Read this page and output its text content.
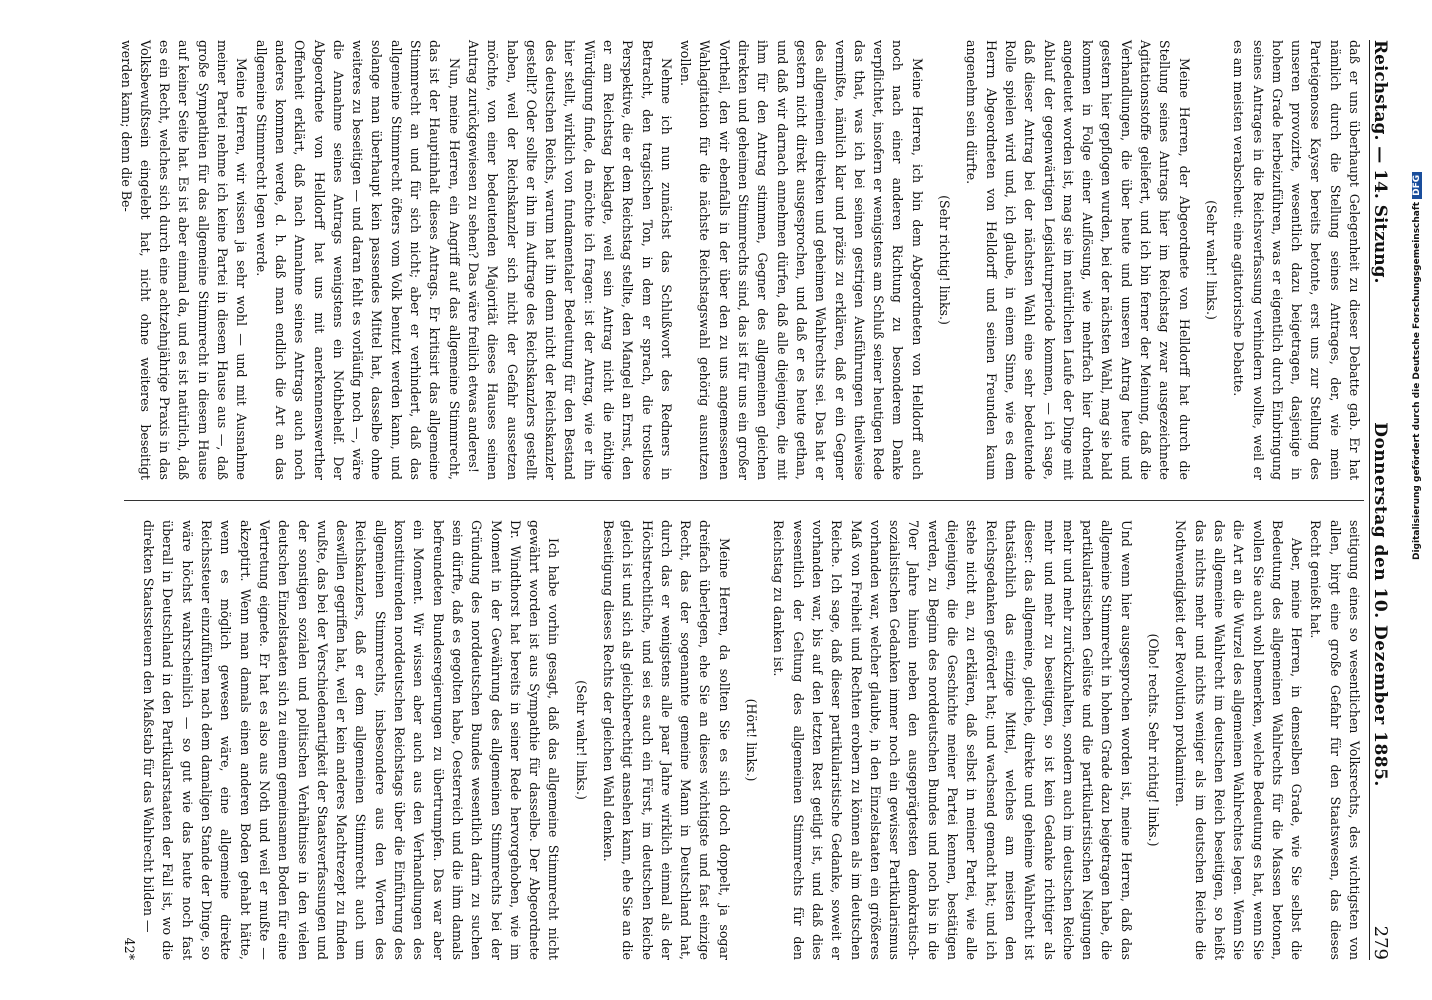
Reichstag. — 14. Sitzung.
Donnerstag den 10. Dezember 1885.
279

daß er uns überhaupt Gelegenheit zu dieser Debatte gab. Er hat nämlich durch die Stellung seines Antrages, der, wie mein Parteigenosse Kayser bereits betonte, erst uns zur Stellung des unseren provozirte, wesentlich dazu beigetragen, dasjenige in hohem Grade herbeizuführen, was er eigentlich durch Einbringung seines Antrages in die Reichsverfassung verhindern wollte, weil er es am meisten verabscheut: eine agitatorische Debatte.

(Sehr wahr! links.)

Meine Herren, der Abgeordnete von Helldorff hat durch die Stellung seines Antrags hier im Reichstag zwar ausgezeichnete Agitationsstoffe geliefert, und ich bin ferner der Meinung, daß die Verhandlungen, die über heute und unseren Antrag heute und gestern hier gepflogen wurden, bei der nächsten Wahl, mag sie bald kommen in Folge einer Auflösung, wie mehrfach hier drohend angedeutet worden ist, mag sie im natürlichen Laufe der Dinge mit Ablauf der gegenwärtigen Legislaturperiode kommen, — ich sage, daß dieser Antrag bei der nächsten Wahl eine sehr bedeutende Rolle spielen wird und, ich glaube, in einem Sinne, wie es dem Herrn Abgeordneten von Helldorff und seinen Freunden kaum angenehm sein dürfte.

(Sehr richtig! links.)

Meine Herren, ich bin dem Abgeordneten von Helldorff auch noch nach einer anderen Richtung zu besonderem Danke verpflichtet, insofern er wenigstens am Schluß seiner heutigen Rede das that, was ich bei seinen gestrigen Ausführungen theilweise vermißte, nämlich klar und präzis zu erklären, daß er ein Gegner des allgemeinen direkten und geheimen Wahlrechts sei. Das hat er gestern nicht direkt ausgesprochen, und daß er es heute gethan, und daß wir darnach annehmen dürfen, daß alle diejenigen, die mit ihm für den Antrag stimmen, Gegner des allgemeinen gleichen direkten und geheimen Stimmrechts sind, das ist für uns ein großer Vortheil, den wir ebenfalls in der über den zu uns angemessenen Wahlagitation für die nächste Reichstagswahl gehörig ausnutzen wollen.

Nehme ich nun zunächst das Schlußwort des Redners in Betracht, den tragischen Ton, in dem er sprach, die trostlose Perspektive, die er dem Reichstag stellte, den Mangel an Ernst, den er am Reichstag beklagte, weil sein Antrag nicht die nöthige Würdigung finde, da möchte ich fragen: ist der Antrag, wie er ihn hier stellt, wirklich von fundamentaler Bedeutung für den Bestand des deutschen Reichs, warum hat ihn denn nicht der Reichskanzler gestellt? Oder sollte er ihn im Auftrage des Reichskanzlers gestellt haben, weil der Reichskanzler sich nicht der Gefahr aussetzen möchte, von einer bedeutenden Majorität dieses Hauses seinen Antrag zurückgewiesen zu sehen? Das wäre freilich etwas anderes!

Nun, meine Herren, ein Angriff auf das allgemeine Stimmrecht, das ist der Hauptinhalt dieses Antrags. Er kritisirt das allgemeine Stimmrecht an und für sich nicht; aber er verhindert, daß das allgemeine Stimmrecht öfters vom Volk benutzt werden kann, und solange man überhaupt kein passendes Mittel hat, dasselbe ohne weiteres zu beseitigen — und daran fehlt es vorläufig noch —, wäre die Annahme seines Antrags wenigstens ein Nothbehelf. Der Abgeordnete von Helldorff hat uns mit anerkennenswerther Offenheit erklärt, daß nach Annahme seines Antrags auch noch anderes kommen werde, d. h. daß man endlich die Art an das allgemeine Stimmrecht legen werde.

Meine Herren, wir wissen ja sehr wohl — und mit Ausnahme meiner Partei nehme ich keine Partei in diesem Hause aus —, daß große Sympathien für das allgemeine Stimmrecht in diesem Hause auf keiner Seite hat. Es ist aber einmal da, und es ist natürlich, daß es ein Recht, welches sich durch eine achtzehnjährige Praxis in das Volksbewußtsein eingelebt hat, nicht ohne weiteres beseitigt werden kann; denn die Be-

seitigung eines so wesentlichen Volksrechts, des wichtigsten von allen, birgt eine große Gefahr für den Staatswesen, das dieses Recht genießt hat.

Aber, meine Herren, in demselben Grade, wie Sie selbst die Bedeutung des allgemeinen Wahlrechts für die Massen betonen, wollen Sie auch wohl bemerken, welche Bedeutung es hat, wenn Sie die Art an die Wurzel des allgemeinen Wahlrechtes legen. Wenn Sie das allgemeine Wahlrecht im deutschen Reich beseitigen, so heißt das nichts mehr und nichts weniger als im deutschen Reiche die Nothwendigkeit der Revolution proklamiren.

(Oho! rechts. Sehr richtig! links.)

Und wenn hier ausgesprochen worden ist, meine Herren, daß das allgemeine Stimmrecht in hohem Grade dazu beigetragen habe, die partikularistischen Gelüste und die partikularistischen Neigungen mehr und mehr zurückzuhalten, sondern auch im deutschen Reiche mehr und mehr zu beseitigen, so ist kein Gedanke richtiger als dieser: das allgemeine, gleiche, direkte und geheime Wahlrecht ist thatsächlich das einzige Mittel, welches am meisten den Reichsgedanken gefördert hat; und wachsend gemacht hat; und ich stehe nicht an, zu erklären, daß selbst in meiner Partei, wie alle diejenigen, die die Geschichte meiner Partei kennen, bestätigen werden, zu Beginn des norddeutschen Bundes und noch bis in die 70er Jahre hinein neben den ausgeprägtesten demokratisch-sozialistischen Gedanken immer noch ein gewisser Partikularismus vorhanden war, welcher glaubte, in den Einzelstaaten ein größeres Maß von Freiheit und Rechten erobern zu können als im deutschen Reiche. Ich sage, daß dieser partikularistische Gedanke, soweit er vorhanden war, bis auf den letzten Rest getilgt ist, und daß dies wesentlich der Geltung des allgemeinen Stimmrechts für den Reichstag zu danken ist.

(Hört! links.)

Meine Herren, da sollten Sie es sich doch doppelt, ja sogar dreifach überlegen, ehe Sie an dieses wichtigste und fast einzige Recht, das der sogenannte gemeine Mann in Deutschland hat, durch das er wenigstens alle paar Jahre wirklich einmal als der Höchstrechtliche, und sei es auch ein Fürst, im deutschen Reiche gleich ist und sich als gleichberechtigt ansehen kann, ehe Sie an die Beseitigung dieses Rechts der gleichen Wahl denken.

(Sehr wahr! links.)

Ich habe vorhin gesagt, daß das allgemeine Stimmrecht nicht gewährt worden ist aus Sympathie für dasselbe. Der Abgeordnete Dr. Windthorst hat bereits in seiner Rede hervorgehoben, wie im Moment in der Gewährung des allgemeinen Stimmrechts bei der Gründung des norddeutschen Bundes wesentlich darin zu suchen sein dürfte, daß es gegolten habe, Oesterreich und die ihm damals befreundeten Bundesregierungen zu übertrumpfen. Das war aber ein Moment. Wir wissen aber auch aus den Verhandlungen des konstituirenden norddeutschen Reichstags über die Einführung des allgemeinen Stimmrechts, insbesondere aus den Worten des Reichskanzlers, daß er dem allgemeinen Stimmrecht auch um deswillen gegriffen hat, weil er kein anderes Machtrezept zu finden wußte, das bei der Verschiedenartigkeit der Staatsverfassungen und der sonstigen sozialen und politischen Verhältnisse in den vielen deutschen Einzelstaaten sich zu einem gemeinsamen Boden für eine Vertretung eignete. Er hat es also aus Noth und weil er mußte — akzeptirt. Wenn man damals einen anderen Boden gehabt hätte, wenn es möglich gewesen wäre, eine allgemeine direkte Reichssteuer einzuführen nach dem damaligen Stande der Dinge, so wäre höchst wahrscheinlich — so gut wie das heute noch fast überall in Deutschland in den Partikularstaaten der Fall ist, wo die direkten Staatssteuern den Maßstab für das Wahlrecht bilden —

42*

Digitalisierung gefördert durch die Deutsche ForschungsgemeinschaftDFG
